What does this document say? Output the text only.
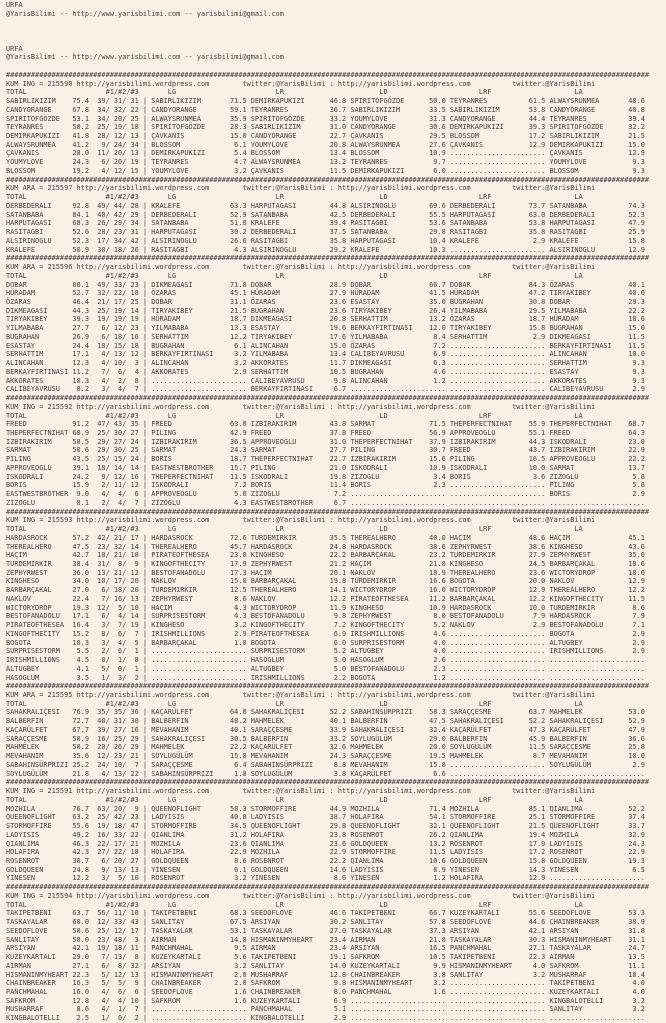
URFA
@YarisBilimi -- http://www.yarisbilimi.com -- yarisbilimi@gmail.com
URFA
@YarisBilimi -- http://www.yarisbilimi.com -- yarisbilimi@gmail.com
###########################################################################################################################################################
KUM ING = 215590 http://yarisbilimi.wordpress.com        twitter:@YarisBilimi : http://yarisbilimi.wordpress.com          twitter:@YarisBilimi
TOTAL                   #1/#2/#3       LG                        LR                       LD                      LRF                    LA
SABIRLIKIZIM    75.4  39/ 31/ 31 | SABIRLIKIZIM       71.5 DEMIRKAPUKIZI      46.8 SPIRITOFGÖZDE      50.0 TEYRANRES          61.5 ALWAYSRUNMEA       48.6
CANDYORANGE     67.8  34/ 32/ 22 | CANDYORANGE        59.1 TEYRANRES          36.7 SABIRLIKIZIM       33.5 SABIRLIKIZIM       53.8 CANDYORANGE        40.8
SPIRITOFGÖZDE   53.1  34/ 20/ 25 | ALWAYSRUNMEA       35.9 SPIRITOFGÖZDE      33.2 YOUMYLOVE          31.3 CANDYORANGE        44.4 TEYRANRES          39.4
TEYRANRES       50.2  25/ 19/ 18 | SPIRITOFGÖZDE      28.3 SABIRLIKIZIM       31.0 CANDYORANGE        30.6 DEMIRKAPUKIZI      39.3 SPIRITOFGÖZDE      32.2
DEMIRKAPUKIZI   41.8  28/ 12/ 13 | ÇAVKANIS           15.0 CANDYORANGE        22.7 ÇAVKANIS           29.5 BLOSSOM            17.2 SABIRLIKIZIM       21.5
ALWAYSRUNMEA    41.2   9/ 24/ 34 | BLOSSOM             6.1 YOUMYLOVE          20.8 ALWAYSRUNMEA       27.6 ÇAVKANIS           12.9 DEMIRKAPUKIZI      15.0
ÇAVKANIS        28.0  11/ 20/ 13 | DEMIRKAPUKIZI       5.4 BLOSSOM            13.4 BLOSSOM            10.9 ....................... ÇAVKANIS           12.9
YOUMYLOVE       24.3   6/ 20/ 19 | TEYRANRES           4.7 ALWAYSRUNMEA       13.2 TEYRANRES           9.7 ....................... YOUMYLOVE           9.3
BLOSSOM         19.2   4/ 12/ 15 | YOUMYLOVE           3.2 ÇAVKANIS           11.5 DEMIRKAPUKIZI       6.0 ....................... BLOSSOM             9.3
###########################################################################################################################################################
KUM ARA = 215597 http://yarisbilimi.wordpress.com        twitter:@YarisBilimi : http://yarisbilimi.wordpress.com          twitter:@YarisBilimi
TOTAL                   #1/#2/#3       LG                        LR                       LD                      LRF                    LA
DERBEDERALI     92.8  49/ 44/ 28 | KRALEFE            63.3 HARPUTAGASI        44.8 ALSIRINOGLU        69.6 DERBEDERALI        73.7 SATANBABA          74.3
SATANBABA       84.1  40/ 42/ 29 | DERBEDERALI        52.9 SATANBABA          42.5 DERBEDERALI        55.5 HARPUTAGASI        63.0 DERBEDERALI        52.3
HARPUTAGASI     68.3  26/ 29/ 34 | SATANBABA          51.8 KRALEFE            39.4 RASITAGBI          53.6 SATANBABA          53.8 HARPUTAGASI        47.9
RASITAGBI       52.6  28/ 23/ 31 | HARPUTAGASI        30.2 DERBEDERALI        37.5 SATANBABA          29.8 RASITAGBI          35.8 RASITAGBI          25.9
ALSIRINOGLU     52.3  17/ 34/ 42 | ALSIRINOGLU        26.6 RASITAGBI          35.8 HARPUTAGASI        10.4 KRALEFE             2.9 KRALEFE            15.8
KRALEFE         50.9  30/ 18/ 26 | RASITAGBI           4.3 ALSIRINOGLU        29.2 KRALEFE            10.3 ....................... ALSIRINOGLU        12.9
###########################################################################################################################################################
KUM ARA = 215596 http://yarisbilimi.wordpress.com        twitter:@YarisBilimi : http://yarisbilimi.wordpress.com          twitter:@YarisBilimi
TOTAL                   #1/#2/#3       LG                        LR                       LD                      LRF                    LA
DOBAR           80.1  49/ 33/ 23 | DIKMEAGASI         71.8 DOBAR              28.9 DOBAR              66.7 DOBAR              84.3 ÖZARAS             40.1
HÜRADAM         52.7  32/ 22/ 18 | ÖZARAS             45.1 HÜRADAM            27.9 HÜRADAM            41.5 HÜRADAM            47.2 TIRYAKIBEY         40.0
ÖZARAS          46.4  21/ 17/ 25 | DOBAR              31.1 ÖZARAS             23.6 ESASTAY            35.0 BUGRAHAN           30.8 DOBAR              29.3
DIKMEAGASI      44.3  25/ 19/ 14 | TIRYAKIBEY         21.5 BUGRAHAN           23.6 TIRYAKIBEY         26.4 YILMABABA          29.5 YILMABABA          22.2
TIRYAKIBEY      39.3  19/ 19/ 19 | HÜRADAM            18.7 DIKMEAGASI         20.8 SERHATTIM          13.2 ÖZARAS             18.7 HÜRADAM            18.6
YILMABABA       27.7   6/ 12/ 23 | YILMABABA          13.3 ESASTAY            19.6 BERKAYFIRTINASI    12.0 TIRYAKIBEY         15.8 BUGRAHAN           15.0
BUGRAHAN        26.9   6/ 18/ 16 | SERHATTIM          12.2 TIRYAKIBEY         17.6 YILMABABA           8.4 SERHATTIM           2.9 DIKMEAGASI         11.5
ESASTAY         24.4  10/ 15/ 18 | BUGRAHAN            6.1 ALINCAHAN          15.0 ÖZARAS              7.2 ....................... BERKAYFIRTINASI    11.5
SERHATTIM       17.1   4/ 13/ 12 | BERKAYFIRTINASI     3.2 YILMABABA          13.4 CALIBEYAVRUSU       6.9 ....................... ALINCAHAN          10.0
ALINCAHAN       12.3   4/ 10/  3 | ALINCAHAN           3.2 AKKORATES          11.7 DIKMEAGASI          6.3 ....................... SERHATTIM           9.3
BERKAYFIRTINASI 11.2   7/  6/  4 | AKKORATES           2.9 SERHATTIM          10.5 BUGRAHAN            4.6 ....................... ESASTAY             9.3
AKKORATES       10.3   4/  2/  8 | ....................... CALIBEYAVRUSU       9.8 ALINCAHAN           1.2 ....................... AKKORATES           9.3
CALIBEYAVRUSU    8.2   3/  4/  7 | ....................... BERKAYFIRTINASI     6.7 ....................... ....................... CALIBEYAVRUSU       2.9
###########################################################################################################################################################
KUM ING = 215592 http://yarisbilimi.wordpress.com        twitter:@YarisBilimi : http://yarisbilimi.wordpress.com          twitter:@YarisBilimi
TOTAL                   #1/#2/#3       LG                        LR                       LD                      LRF                    LA
FREED           91.2  47/ 43/ 35 | FREED              63.0 IZBIRAKIRIM        43.8 SARMAT             71.5 THEPERFECTNIHAT    55.9 THEPERFECTNIHAT    68.7
THEPERFECTNIHAT 60.9  25/ 30/ 27 | PILING             42.9 FREED              37.8 FREED              56.9 APPROVEOGLU        55.1 FREED              64.3
IZBIRAKIRIM     58.5  29/ 27/ 24 | IZBIRAKIRIM        36.5 APPROVEOGLU        31.0 THEPERFECTNIHAT    37.9 IZBIRAKIRIM        44.3 ISKODRALI          23.0
SARMAT          50.6  29/ 30/ 25 | SARMAT             24.3 SARMAT             27.7 PILING             30.7 FREED              43.7 IZBIRAKIRIM        22.9
PILING          43.5  25/ 15/ 24 | BORIS              18.7 THEPERFECTNIHAT    22.7 IZBIRAKIRIM        15.6 PILING             16.5 APPROVEOGLU        22.2
APPROVEOGLU     39.1  18/ 14/ 14 | EASTWESTBROTHER    15.7 PILING             21.0 ISKODRALI          10.9 ISKODRALI          10.0 SARMAT             13.7
ISKODRALI       24.2   9/ 12/ 16 | THEPERFECTNIHAT    11.5 ISKODRALI          19.8 ZIZOGLU             3.4 BORIS               3.6 ZIZOGLU             5.8
BORIS           15.9   2/ 11/ 12 | ISKODRALI           7.2 BORIS              11.4 BORIS               2.3 ....................... PILING              5.8
EASTWESTBROTHER  9.0   4/  4/  6 | APPROVEOGLU         5.0 ZIZOGLU             7.2 ....................... ....................... BORIS               2.9
ZIZOGLU          8.1   2/  4/  7 | ZIZOGLU             4.3 EASTWESTBROTHER     6.7 ....................... ....................... .......................
###########################################################################################################################################################
KUM ING = 215593 http://yarisbilimi.wordpress.com        twitter:@YarisBilimi : http://yarisbilimi.wordpress.com          twitter:@YarisBilimi
TOTAL                   #1/#2/#3       LG                        LR                       LD                      LRF                    LA
HARDASROCK      57.2  42/ 21/ 17 | HARDASROCK         72.6 TURDEMIRKIR        35.5 THEREALHERO        40.0 HAÇIM              48.6 HAÇIM              45.1
THEREALHERO     47.5  23/ 32/ 14 | THEREALHERO        45.7 HARDASROCK         24.8 HARDASROCK         38.6 ZEPHYRWEST         38.6 KINGHESO           43.6
HAÇIM           42.7  18/ 21/ 18 | PIRATEOFTHESEA     23.0 KINGHESO           22.2 BARBARÇAKAL        23.2 TURDEMIRKIR        27.9 ZEPHYRWEST         35.0
TURDEMIRKIR     38.4  31/  8/  9 | KINGOFTHECITY      17.9 ZEPHYRWEST         21.2 HAÇIM              21.8 KINGHESO           24.5 BARBARÇAKAL        18.6
ZEPHYRWEST      36.0  13/ 21/ 12 | BESTOFANADOLU      17.3 HAÇIM              20.1 NAKLOV             18.9 THEREALHERO        23.6 WICTORYDROP        18.0
KINGHESO        34.0  10/ 17/ 20 | NAKLOV             15.0 BARBARÇAKAL        19.8 TURDEMIRKIR        16.6 BOGOTA             20.0 NAKLOV             12.9
BARBARÇAKAL     27.0   6/ 18/ 20 | TURDEMIRKIR        12.5 THEREALHERO        14.1 WICTORYDROP        16.0 WICTORYDROP        12.9 THEREALHERO        12.2
NAKLOV          22.4   7/ 16/ 13 | ZEPHYRWEST          8.6 NAKLOV             12.2 PIRATEOFTHESEA     11.2 BARBARÇAKAL        12.2 KINGOFTHECITY      11.5
WICTORYDROP     19.3  12/  5/ 10 | HAÇIM               4.3 WICTORYDROP        11.9 KINGHESO           10.9 HARDASROCK         10.0 TURDEMIRKIR         8.6
BESTOFANADOLU   17.1   6/  4/ 14 | SURPRISESTORM       4.3 BESTOFANADOLU       9.8 ZEPHYRWEST          8.0 BESTOFANADOLU       7.9 HARDASROCK          7.9
PIRATEOFTHESEA  16.4   3/  7/ 19 | KINGHESO            3.2 KINGOFTHECITY       7.2 KINGOFTHECITY       5.2 NAKLOV              2.9 BESTOFANADOLU       7.1
KINGOFTHECITY   15.2   8/  6/  7 | IRISHMILLIONS       2.9 PIRATEOFTHESEA      6.9 IRISHMILLIONS       4.6 ....................... BOGOTA              2.9
BOGOTA          10.3   3/  4/  5 | BARBARÇAKAL         1.8 BOGOTA              6.0 SURPRISESTORM       4.0 ....................... ALTUGBEY            2.9
SURPRISESTORM    5.5   2/  6/  1 | ....................... SURPRISESTORM       5.2 ALTUGBEY            4.0 ....................... IRISHMILLIONS       2.9
IRISHMILLIONS    4.5   0/  1/  8 | ....................... HASOGLUM            5.0 HASOGLUM            2.6 ....................... .......................
ALTUGBEY         4.1   5/  0/  1 | ....................... ALTUGBEY            5.0 BESTOFANADOLU       2.3 ....................... .......................
HASOGLUM         3.5   1/  3/  2 | ....................... IRISHMILLIONS       2.2 BOGOTA              1.2 ....................... .......................
###########################################################################################################################################################
KUM ARA = 215595 http://yarisbilimi.wordpress.com        twitter:@YarisBilimi : http://yarisbilimi.wordpress.com          twitter:@YarisBilimi
TOTAL                   #1/#2/#3       LG                        LR                       LD                      LRF                    LA
SAHAKRALIÇESI   76.9  35/ 35/ 36 | KAÇARÜLFET         64.0 SAHAKRALIÇESI      52.2 SABAHINSÜRPRIZI    58.3 SARAÇÇESME         63.7 MAHMELEK           53.0
BALBERFIN       72.7  40/ 31/ 30 | BALBERFIN          48.2 MAHMELEK           40.1 BALBERFIN          47.5 SAHAKRALIÇESI      52.2 SAHAKRALIÇESI      52.9
KAÇARÜLFET      67.7  39/ 27/ 16 | MEVAHANIM          40.1 SARAÇÇESME         33.9 SAHAKRALIÇESI      32.4 KAÇARÜLFET         47.3 KAÇARÜLFET         47.9
SARAÇÇESME      50.9  16/ 25/ 29 | SAHAKRALIÇESI      30.5 BALBERFIN          33.2 SOYLUGÜLÜM         29.0 BALBERFIN          45.9 BALBERFIN          36.6
MAHMELEK        50.2  20/ 26/ 29 | MAHMELEK           22.2 KAÇARÜLFET         32.6 MAHMELEK           20.0 SOYLUGÜLÜM         11.5 SARAÇÇESME         25.8
MEVAHANIM       35.6  12/ 23/ 21 | SOYLUGÜLÜM         15.8 MEVAHANIM          24.3 SARAÇÇESME         19.5 MAHMELEK            8.7 MEVAHANIM          10.0
SABAHINSÜRPRIZI 25.2  24/ 10/  7 | SARAÇÇESME          6.4 SABAHINSÜRPRIZI     8.8 MEVAHANIM          15.8 ....................... SOYLUGÜLÜM          2.9
SOYLUGÜLÜM      21.8   4/ 13/ 22 | SABAHINSÜRPRIZI     1.8 SOYLUGÜLÜM          3.8 KAÇARÜLFET          6.6 ....................... .......................
###########################################################################################################################################################
KUM ING = 215591 http://yarisbilimi.wordpress.com        twitter:@YarisBilimi : http://yarisbilimi.wordpress.com          twitter:@YarisBilimi
TOTAL                   #1/#2/#3       LG                        LR                       LD                      LRF                    LA
MOZHILA         76.7  63/ 20/  9 | QUEENOFLIGHT       58.3 STORMOFFIRE        44.9 MOZHILA            71.4 MOZHILA            85.1 QIANLIMA           52.2
QUEENOFLIGHT    63.2  25/ 42/ 23 | LADYISIS           40.8 LADYISIS           38.7 HOLAFIRA           54.1 STORMOFFIRE        25.1 STORMOFFIRE        37.4
STORMOFFIRE     55.6  19/ 18/ 47 | STORMOFFIRE        34.5 QUEENOFLIGHT       29.8 QUEENOFLIGHT       32.1 QUEENOFLIGHT       21.5 QUEENOFLIGHT       33.7
LADYISIS        49.2  16/ 33/ 22 | QIANLIMA           31.2 HOLAFIRA           23.8 ROSENROT           26.2 QIANLIMA           19.4 MOZHILA            32.9
QIANLIMA        46.3  22/ 17/ 21 | MOZHILA            23.6 QIANLIMA           23.6 GOLDQUEEN          13.2 ROSENROT           17.9 LADYISIS           24.3
HOLAFIRA        42.3  27/ 22/ 18 | HOLAFIRA           22.9 MOZHILA            22.9 STORMOFFIRE        11.5 LADYISIS           17.2 ROSENROT           22.9
ROSENROT        30.7   6/ 20/ 27 | GOLDQUEEN           8.6 ROSENROT           22.2 QIANLIMA           10.6 GOLDQUEEN          15.8 GOLDQUEEN          19.3
GOLDQUEEN       24.8   9/ 13/ 13 | YINESEN             6.1 GOLDQUEEN          14.6 LADYISIS            8.9 YINESEN            14.3 YINESEN             6.5
YINESEN         12.2   3/  5/ 10 | ROSENROT            3.2 YINESEN             8.6 YINESEN             1.2 HOLAFIRA           12.9 .......................
###########################################################################################################################################################
KUM ING = 215594 http://yarisbilimi.wordpress.com        twitter:@YarisBilimi : http://yarisbilimi.wordpress.com          twitter:@YarisBilimi
TOTAL                   #1/#2/#3       LG                        LR                       LD                      LRF                    LA
TAKIPETBENI     63.7  56/ 11/ 10 | TAKIPETBENI        68.3 SEEDOFLOVE         46.6 TAKIPETBENI        66.7 KUZEYKARTALI       55.6 SEEDOFLOVE         53.3
TASKAYALAR      60.0  12/ 33/ 43 | SANLITAY           67.5 ARSIYAN            30.2 SANLITAY           57.8 SEEDOFLOVE         44.6 CHAINBREAKER       38.9
SEEDOFLOVE      50.6  25/ 12/ 17 | TASKAYALAR         53.1 TASKAYALAR         27.0 TASKAYALAR         37.3 ARSIYAN            42.1 ARSIYAN            31.8
SANLITAY        50.0  23/ 48/  3 | AIRMAN             14.8 HISMANINMYHEART    23.4 AIRMAN             21.8 TASKAYALAR         30.3 HISMANINMYHEART    31.1
ARSIYAN         42.1  19/ 18/ 11 | PANCHMAHAL          9.5 AIRMAN             23.4 ARSIYAN            16.5 PANCHMAHAL         27.1 TASKAYALAR         24.7
KUZEYKARTALI    29.0   7/ 13/  8 | KUZEYKARTALI        5.6 TAKIPETBENI        19.1 SAFKROM            10.5 TAKIPETBENI        22.3 AIRMAN             13.5
AIRMAN          27.1   6/  8/ 32 | ARSIYAN             3.2 SANLITAY           14.0 KUZEYKARTALI        9.9 HISMANINMYHEART     4.0 SAFKROM            11.1
HISMANINMYHEART 22.3   5/ 12/ 13 | HISMANINMYHEART     2.0 MUSHARRAF          12.8 CHAINBREAKER        3.8 SANLITAY            3.2 MUSHARRAF          10.4
CHAINBREAKER    16.3   5/  5/  9 | CHAINBREAKER        2.0 SAFKROM             9.8 HISMANINMYHEART     3.2 ....................... TAKIPETBENI         4.0
PANCHMAHAL      16.0   4/  6/  6 | SEEDOFLOVE          1.6 CHAINBREAKER        8.0 PANCHMAHAL          1.6 ....................... KUZEYKARTALI        4.0
SAFKROM         12.8   4/  4/ 10 | SAFKROM             1.6 KUZEYKARTALI        6.9 ....................... ....................... KINGBALOTELLI       3.2
MUSHARRAF        8.6   4/  1/  7 | ....................... PANCHMAHAL          5.1 ....................... ....................... SANLITAY            3.2
KINGBALOTELLI    2.5   1/  0/  2 | ....................... KINGBALOTELLI       2.9 ....................... ....................... .......................
